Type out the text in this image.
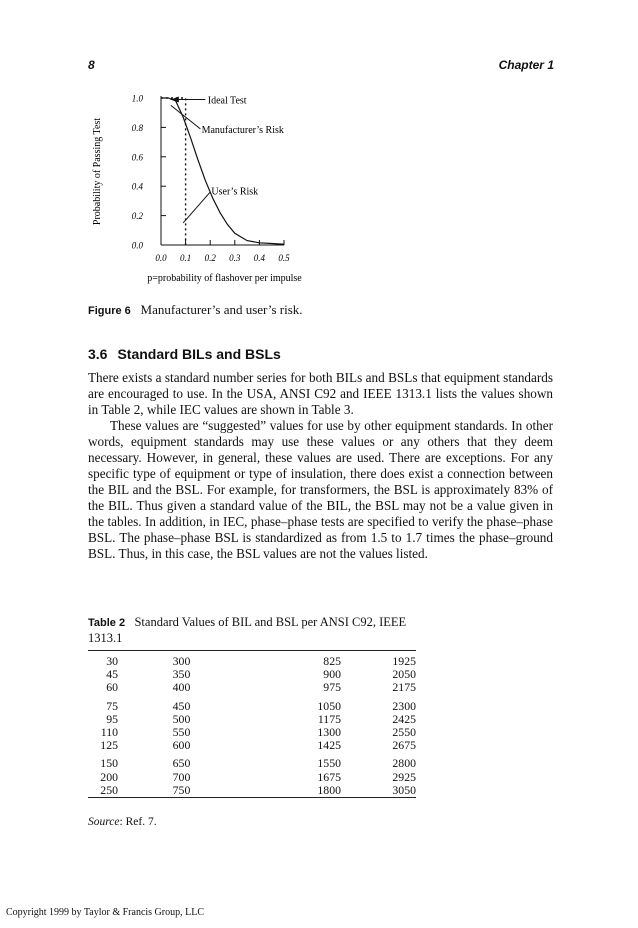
8	Chapter 1
0.0
0.2
0.4
0.6
0.8
1.0
0.0 0.1 0.2 0.3 0.4 0.5
Probability of Passing Test
p=probability of flashover per impulse
Ideal Test
Manufacturer’s Risk
User’s Risk
Figure 6 Manufacturer’s and user’s risk.
3.6 Standard BILs and BSLs

There exists a standard number series for both BILs and BSLs that equipment standards are encouraged to use. In the USA, ANSI C92 and IEEE 1313.1 lists the values shown in Table 2, while IEC values are shown in Table 3.

These values are “suggested” values for use by other equipment standards. In other words, equipment standards may use these values or any others that they deem necessary. However, in general, these values are used. There are exceptions. For any specific type of equipment or type of insulation, there does exist a connection between the BIL and the BSL. For example, for transformers, the BSL is approximately 83% of the BIL. Thus given a standard value of the BIL, the BSL may not be a value given in the tables. In addition, in IEC, phase–phase tests are specified to verify the phase–phase BSL. The phase–phase BSL is standardized as from 1.5 to 1.7 times the phase–ground BSL. Thus, in this case, the BSL values are not the values listed.

Table 2 Standard Values of BIL and BSL per ANSI C92, IEEE 1313.1

30	300	825	1925
45	350	900	2050
60	400	975	2175

75	450	1050	2300
95	500	1175	2425
110	550	1300	2550
125	600	1425	2675

150	650	1550	2800
200	700	1675	2925
250	750	1800	3050

Source: Ref. 7.
Copyright 1999 by Taylor & Francis Group, LLC
